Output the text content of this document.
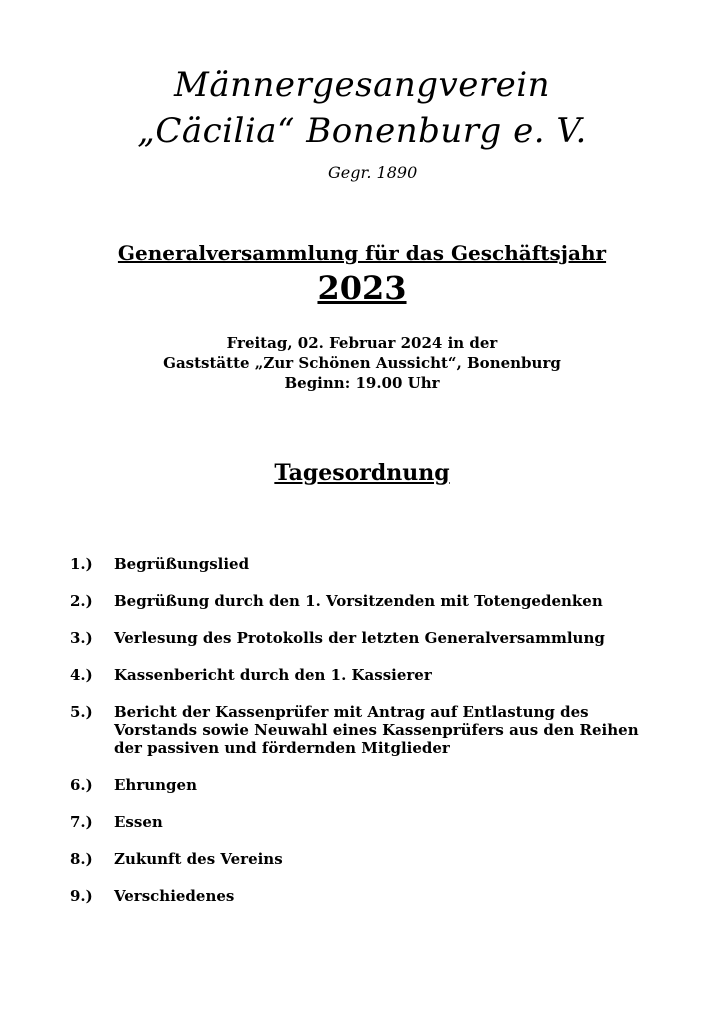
Männergesangverein
„Cäcilia“ Bonenburg e. V.
Gegr. 1890
Generalversammlung für das Geschäftsjahr
2023
Freitag, 02. Februar 2024 in der
Gaststätte „Zur Schönen Aussicht“, Bonenburg
Beginn: 19.00 Uhr
Tagesordnung
1.)	Begrüßungslied
2.)	Begrüßung durch den 1. Vorsitzenden mit Totengedenken
3.)	Verlesung des Protokolls der letzten Generalversammlung
4.)	Kassenbericht durch den 1. Kassierer
5.)	Bericht der Kassenprüfer mit Antrag auf Entlastung des Vorstands sowie Neuwahl eines Kassenprüfers aus den Reihen der passiven und fördernden Mitglieder
6.)	Ehrungen
7.)	Essen
8.)	Zukunft des Vereins
9.)	Verschiedenes
